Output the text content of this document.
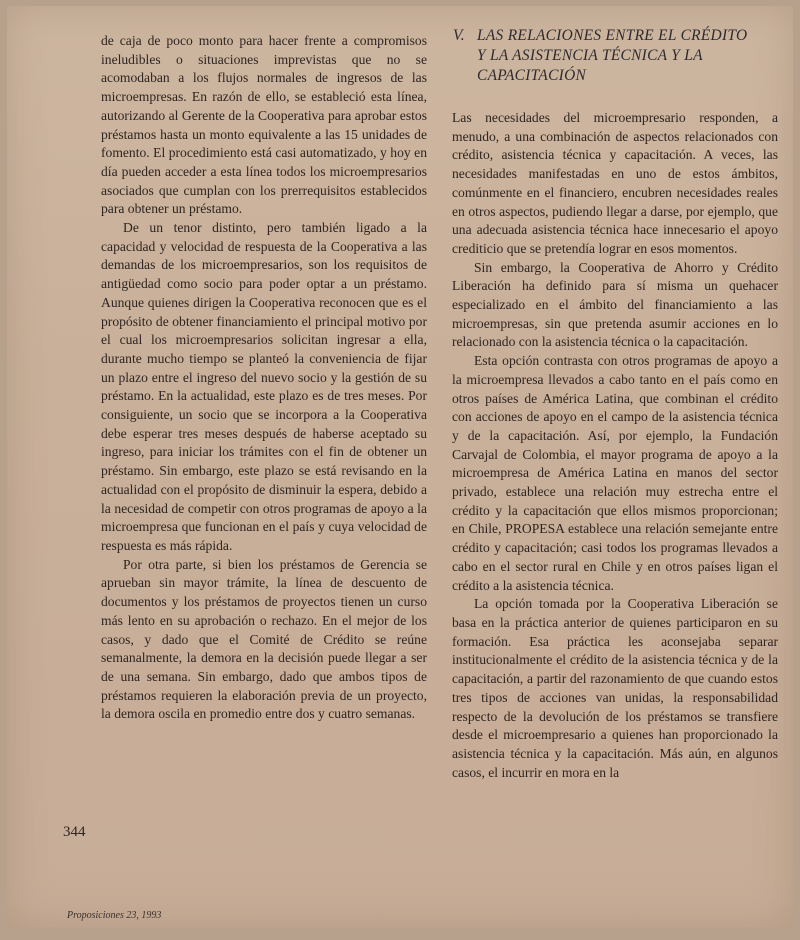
de caja de poco monto para hacer frente a compromisos ineludibles o situaciones imprevistas que no se acomodaban a los flujos normales de ingresos de las microempresas. En razón de ello, se estableció esta línea, autorizando al Gerente de la Cooperativa para aprobar estos préstamos hasta un monto equivalente a las 15 unidades de fomento. El procedimiento está casi automatizado, y hoy en día pueden acceder a esta línea todos los microempresarios asociados que cumplan con los prerrequisitos establecidos para obtener un préstamo.

De un tenor distinto, pero también ligado a la capacidad y velocidad de respuesta de la Cooperativa a las demandas de los microempresarios, son los requisitos de antigüedad como socio para poder optar a un préstamo. Aunque quienes dirigen la Cooperativa reconocen que es el propósito de obtener financiamiento el principal motivo por el cual los microempresarios solicitan ingresar a ella, durante mucho tiempo se planteó la conveniencia de fijar un plazo entre el ingreso del nuevo socio y la gestión de su préstamo. En la actualidad, este plazo es de tres meses. Por consiguiente, un socio que se incorpora a la Cooperativa debe esperar tres meses después de haberse aceptado su ingreso, para iniciar los trámites con el fin de obtener un préstamo. Sin embargo, este plazo se está revisando en la actualidad con el propósito de disminuir la espera, debido a la necesidad de competir con otros programas de apoyo a la microempresa que funcionan en el país y cuya velocidad de respuesta es más rápida.

Por otra parte, si bien los préstamos de Gerencia se aprueban sin mayor trámite, la línea de descuento de documentos y los préstamos de proyectos tienen un curso más lento en su aprobación o rechazo. En el mejor de los casos, y dado que el Comité de Crédito se reúne semanalmente, la demora en la decisión puede llegar a ser de una semana. Sin embargo, dado que ambos tipos de préstamos requieren la elaboración previa de un proyecto, la demora oscila en promedio entre dos y cuatro semanas.

V. LAS RELACIONES ENTRE EL CRÉDITO
Y LA ASISTENCIA TÉCNICA Y LA
CAPACITACIÓN

Las necesidades del microempresario responden, a menudo, a una combinación de aspectos relacionados con crédito, asistencia técnica y capacitación. A veces, las necesidades manifestadas en uno de estos ámbitos, comúnmente en el financiero, encubren necesidades reales en otros aspectos, pudiendo llegar a darse, por ejemplo, que una adecuada asistencia técnica hace innecesario el apoyo crediticio que se pretendía lograr en esos momentos.

Sin embargo, la Cooperativa de Ahorro y Crédito Liberación ha definido para sí misma un quehacer especializado en el ámbito del financiamiento a las microempresas, sin que pretenda asumir acciones en lo relacionado con la asistencia técnica o la capacitación.

Esta opción contrasta con otros programas de apoyo a la microempresa llevados a cabo tanto en el país como en otros países de América Latina, que combinan el crédito con acciones de apoyo en el campo de la asistencia técnica y de la capacitación. Así, por ejemplo, la Fundación Carvajal de Colombia, el mayor programa de apoyo a la microempresa de América Latina en manos del sector privado, establece una relación muy estrecha entre el crédito y la capacitación que ellos mismos proporcionan; en Chile, PROPESA establece una relación semejante entre crédito y capacitación; casi todos los programas llevados a cabo en el sector rural en Chile y en otros países ligan el crédito a la asistencia técnica.

La opción tomada por la Cooperativa Liberación se basa en la práctica anterior de quienes participaron en su formación. Esa práctica les aconsejaba separar institucionalmente el crédito de la asistencia técnica y de la capacitación, a partir del razonamiento de que cuando estos tres tipos de acciones van unidas, la responsabilidad respecto de la devolución de los préstamos se transfiere desde el microempresario a quienes han proporcionado la asistencia técnica y la capacitación. Más aún, en algunos casos, el incurrir en mora en la

344
Proposiciones 23, 1993
